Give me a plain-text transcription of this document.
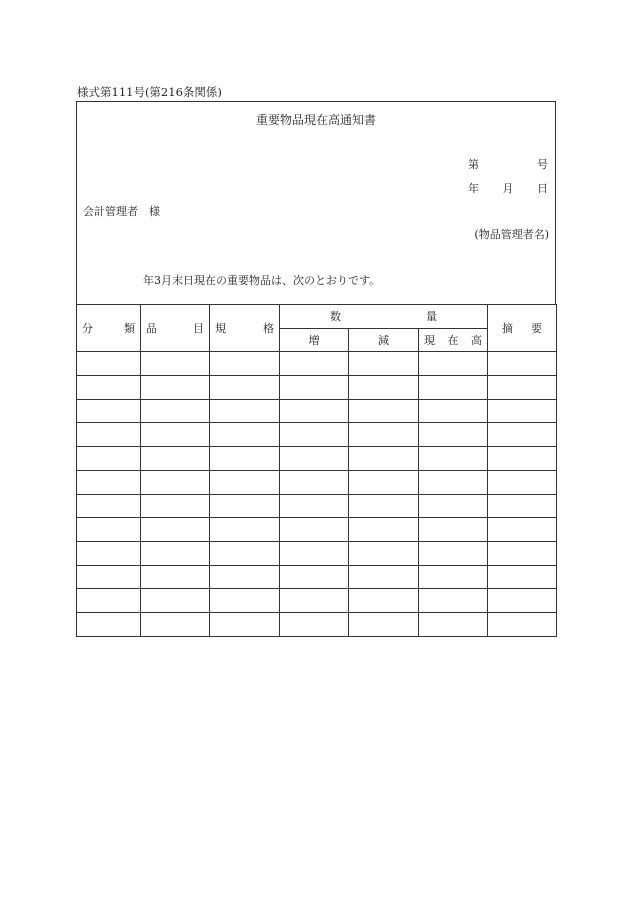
様式第111号(第216条関係)
重要物品現在高通知書
第	号
年 月 日
会計管理者　様
(物品管理者名)
年3月末日現在の重要物品は、次のとおりです。
分 類	品 目	規 格	数 量			摘 要

			増	減	現 在 高	
